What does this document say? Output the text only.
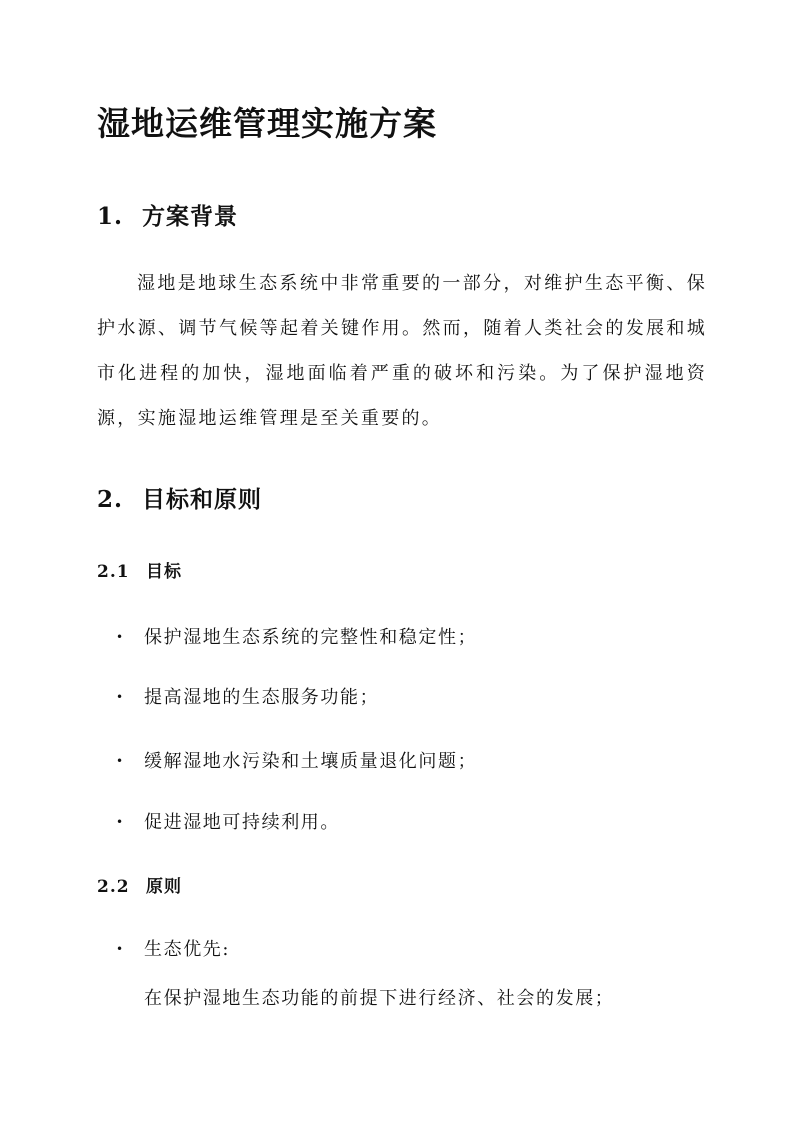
湿地运维管理实施方案
1. 方案背景

湿地是地球生态系统中非常重要的一部分，对维护生态平衡、保护水源、调节气候等起着关键作用。然而，随着人类社会的发展和城市化进程的加快，湿地面临着严重的破坏和污染。为了保护湿地资源，实施湿地运维管理是至关重要的。

2. 目标和原则
2.1 目标
• 保护湿地生态系统的完整性和稳定性；
• 提高湿地的生态服务功能；
• 缓解湿地水污染和土壤质量退化问题；
• 促进湿地可持续利用。
2.2 原则
• 生态优先:

在保护湿地生态功能的前提下进行经济、社会的发展；
